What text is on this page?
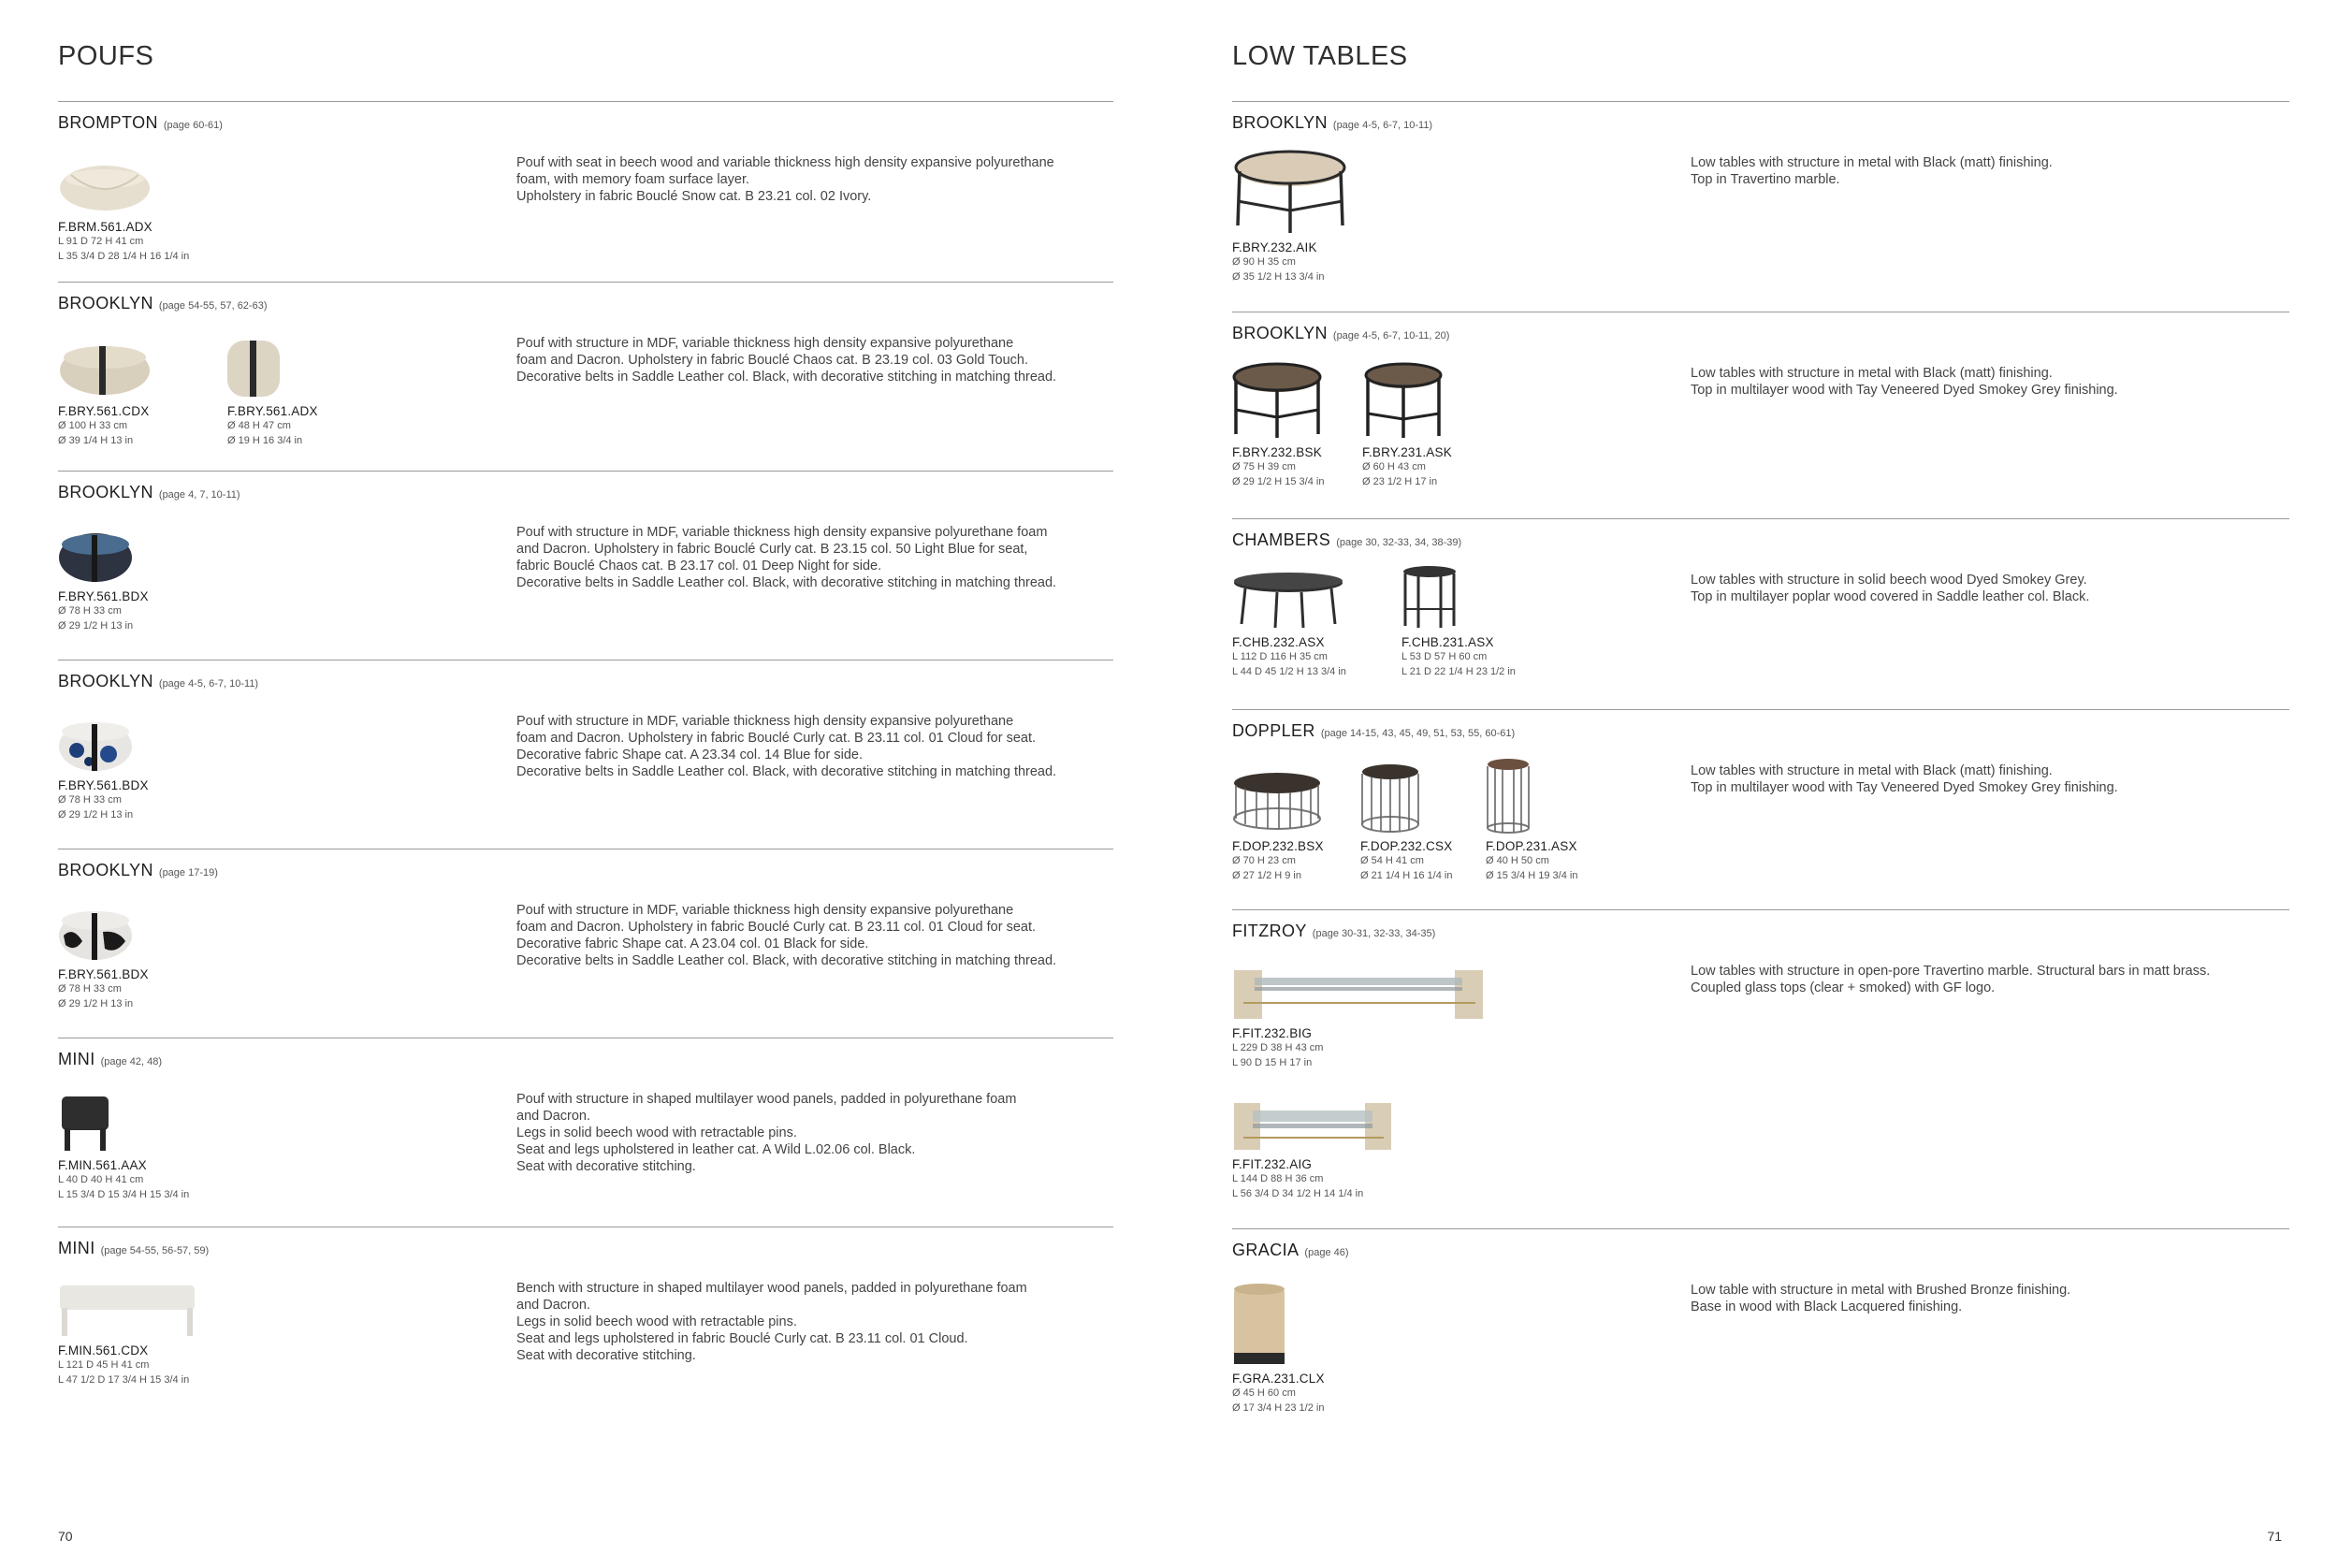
POUFS
BROMPTON (page 60-61)
Pouf with seat in beech wood and variable thickness high density expansive polyurethane
foam, with memory foam surface layer.
Upholstery in fabric Bouclé Snow cat. B 23.21 col. 02 Ivory.
F.BRM.561.ADX
L 91 D 72 H 41 cm
L 35 3/4 D 28 1/4 H 16 1/4 in
BROOKLYN (page 54-55, 57, 62-63)
Pouf with structure in MDF, variable thickness high density expansive polyurethane
foam and Dacron. Upholstery in fabric Bouclé Chaos cat. B 23.19 col. 03 Gold Touch.
Decorative belts in Saddle Leather col. Black, with decorative stitching in matching thread.
F.BRY.561.CDX
Ø 100 H 33 cm
Ø 39 1/4 H 13 in
F.BRY.561.ADX
Ø 48 H 47 cm
Ø 19 H 16 3/4 in
BROOKLYN (page 4, 7, 10-11)
Pouf with structure in MDF, variable thickness high density expansive polyurethane foam
and Dacron. Upholstery in fabric Bouclé Curly cat. B 23.15 col. 50 Light Blue for seat,
fabric Bouclé Chaos cat. B 23.17 col. 01 Deep Night for side.
Decorative belts in Saddle Leather col. Black, with decorative stitching in matching thread.
F.BRY.561.BDX
Ø 78 H 33 cm
Ø 29 1/2 H 13 in
BROOKLYN (page 4-5, 6-7, 10-11)
Pouf with structure in MDF, variable thickness high density expansive polyurethane
foam and Dacron. Upholstery in fabric Bouclé Curly cat. B 23.11 col. 01 Cloud for seat.
Decorative fabric Shape cat. A 23.34 col. 14 Blue for side.
Decorative belts in Saddle Leather col. Black, with decorative stitching in matching thread.
F.BRY.561.BDX
Ø 78 H 33 cm
Ø 29 1/2 H 13 in
BROOKLYN (page 17-19)
Pouf with structure in MDF, variable thickness high density expansive polyurethane
foam and Dacron. Upholstery in fabric Bouclé Curly cat. B 23.11 col. 01 Cloud for seat.
Decorative fabric Shape cat. A 23.04 col. 01 Black for side.
Decorative belts in Saddle Leather col. Black, with decorative stitching in matching thread.
F.BRY.561.BDX
Ø 78 H 33 cm
Ø 29 1/2 H 13 in
MINI (page 42, 48)
Pouf with structure in shaped multilayer wood panels, padded in polyurethane foam
and Dacron.
Legs in solid beech wood with retractable pins.
Seat and legs upholstered in leather cat. A Wild L.02.06 col. Black.
Seat with decorative stitching.
F.MIN.561.AAX
L 40 D 40 H 41 cm
L 15 3/4 D 15 3/4 H 15 3/4 in
MINI (page 54-55, 56-57, 59)
Bench with structure in shaped multilayer wood panels, padded in polyurethane foam
and Dacron.
Legs in solid beech wood with retractable pins.
Seat and legs upholstered in fabric Bouclé Curly cat. B 23.11 col. 01 Cloud.
Seat with decorative stitching.
F.MIN.561.CDX
L 121 D 45 H 41 cm
L 47 1/2 D 17 3/4 H 15 3/4 in
70
LOW TABLES
BROOKLYN (page 4-5, 6-7, 10-11)
Low tables with structure in metal with Black (matt) finishing.
Top in Travertino marble.
F.BRY.232.AIK
Ø 90 H 35 cm
Ø 35 1/2 H 13 3/4 in
BROOKLYN (page 4-5, 6-7, 10-11, 20)
Low tables with structure in metal with Black (matt) finishing.
Top in multilayer wood with Tay Veneered Dyed Smokey Grey finishing.
F.BRY.232.BSK
Ø 75 H 39 cm
Ø 29 1/2 H 15 3/4 in
F.BRY.231.ASK
Ø 60 H 43 cm
Ø 23 1/2 H 17 in
CHAMBERS (page 30, 32-33, 34, 38-39)
Low tables with structure in solid beech wood Dyed Smokey Grey.
Top in multilayer poplar wood covered in Saddle leather col. Black.
F.CHB.232.ASX
L 112 D 116 H 35 cm
L 44 D 45 1/2 H 13 3/4 in
F.CHB.231.ASX
L 53 D 57 H 60 cm
L 21 D 22 1/4 H 23 1/2 in
DOPPLER (page 14-15, 43, 45, 49, 51, 53, 55, 60-61)
Low tables with structure in metal with Black (matt) finishing.
Top in multilayer wood with Tay Veneered Dyed Smokey Grey finishing.
F.DOP.232.BSX
Ø 70 H 23 cm
Ø 27 1/2 H 9 in
F.DOP.232.CSX
Ø 54 H 41 cm
Ø 21 1/4 H 16 1/4 in
F.DOP.231.ASX
Ø 40 H 50 cm
Ø 15 3/4 H 19 3/4 in
FITZROY (page 30-31, 32-33, 34-35)
Low tables with structure in open-pore Travertino marble. Structural bars in matt brass.
Coupled glass tops (clear + smoked) with GF logo.
F.FIT.232.BIG
L 229 D 38 H 43 cm
L 90 D 15 H 17 in
F.FIT.232.AIG
L 144 D 88 H 36 cm
L 56 3/4 D 34 1/2 H 14 1/4 in
GRACIA (page 46)
Low table with structure in metal with Brushed Bronze finishing.
Base in wood with Black Lacquered finishing.
F.GRA.231.CLX
Ø 45 H 60 cm
Ø 17 3/4 H 23 1/2 in
71
